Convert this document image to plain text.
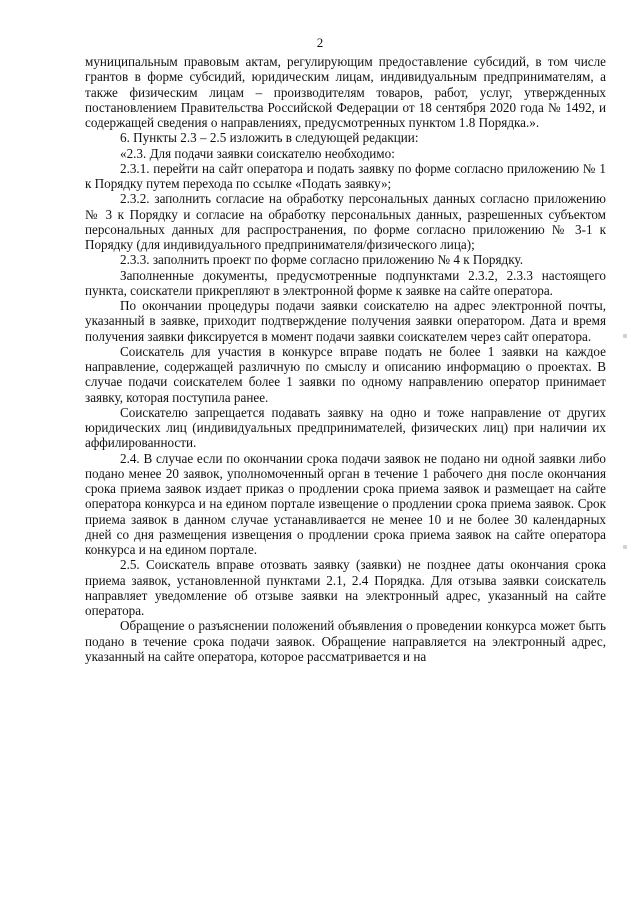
2

муниципальным правовым актам, регулирующим предоставление субсидий, в том числе грантов в форме субсидий, юридическим лицам, индивидуальным предпринимателям, а также физическим лицам – производителям товаров, работ, услуг, утвержденных постановлением Правительства Российской Федерации от 18 сентября 2020 года № 1492, и содержащей сведения о направлениях, предусмотренных пунктом 1.8 Порядка.».

6. Пункты 2.3 – 2.5 изложить в следующей редакции:

«2.3. Для подачи заявки соискателю необходимо:

2.3.1. перейти на сайт оператора и подать заявку по форме согласно приложению № 1 к Порядку путем перехода по ссылке «Подать заявку»;

2.3.2. заполнить согласие на обработку персональных данных согласно приложению № 3 к Порядку и согласие на обработку персональных данных, разрешенных субъектом персональных данных для распространения, по форме согласно приложению № 3-1 к Порядку (для индивидуального предпринимателя/физического лица);

2.3.3. заполнить проект по форме согласно приложению № 4 к Порядку.

Заполненные документы, предусмотренные подпунктами 2.3.2, 2.3.3 настоящего пункта, соискатели прикрепляют в электронной форме к заявке на сайте оператора.

По окончании процедуры подачи заявки соискателю на адрес электронной почты, указанный в заявке, приходит подтверждение получения заявки оператором. Дата и время получения заявки фиксируется в момент подачи заявки соискателем через сайт оператора.

Соискатель для участия в конкурсе вправе подать не более 1 заявки на каждое направление, содержащей различную по смыслу и описанию информацию о проектах. В случае подачи соискателем более 1 заявки по одному направлению оператор принимает заявку, которая поступила ранее.

Соискателю запрещается подавать заявку на одно и тоже направление от других юридических лиц (индивидуальных предпринимателей, физических лиц) при наличии их аффилированности.

2.4. В случае если по окончании срока подачи заявок не подано ни одной заявки либо подано менее 20 заявок, уполномоченный орган в течение 1 рабочего дня после окончания срока приема заявок издает приказ о продлении срока приема заявок и размещает на сайте оператора конкурса и на едином портале извещение о продлении срока приема заявок. Срок приема заявок в данном случае устанавливается не менее 10 и не более 30 календарных дней со дня размещения извещения о продлении срока приема заявок на сайте оператора конкурса и на едином портале.

2.5. Соискатель вправе отозвать заявку (заявки) не позднее даты окончания срока приема заявок, установленной пунктами 2.1, 2.4 Порядка. Для отзыва заявки соискатель направляет уведомление об отзыве заявки на электронный адрес, указанный на сайте оператора.

Обращение о разъяснении положений объявления о проведении конкурса может быть подано в течение срока подачи заявок. Обращение направляется на электронный адрес, указанный на сайте оператора, которое рассматривается и на
